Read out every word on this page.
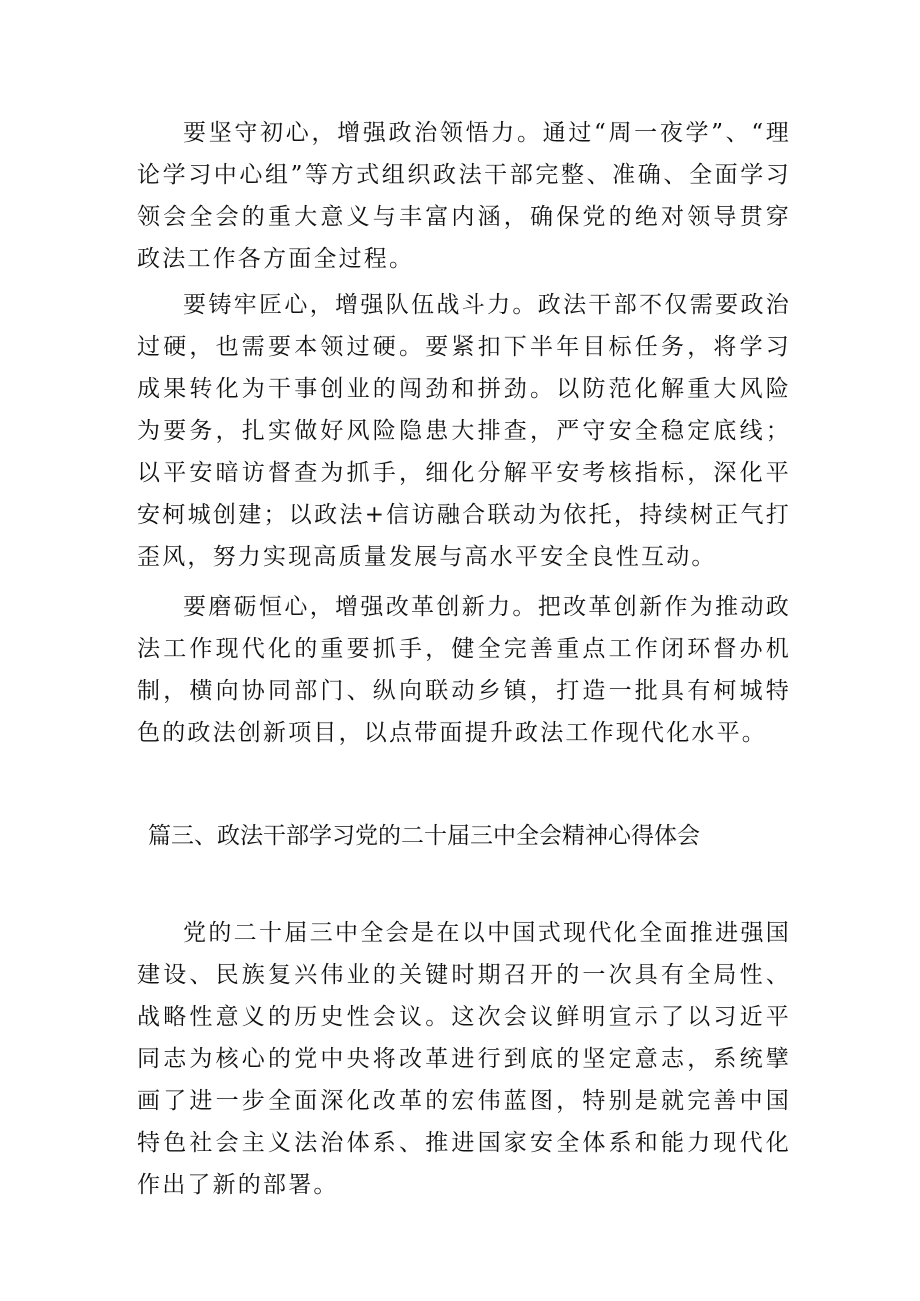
要坚守初心，增强政治领悟力。通过“周一夜学”、“理论学习中心组”等方式组织政法干部完整、准确、全面学习领会全会的重大意义与丰富内涵，确保党的绝对领导贯穿政法工作各方面全过程。

要铸牢匠心，增强队伍战斗力。政法干部不仅需要政治过硬，也需要本领过硬。要紧扣下半年目标任务，将学习成果转化为干事创业的闯劲和拼劲。以防范化解重大风险为要务，扎实做好风险隐患大排查，严守安全稳定底线；以平安暗访督查为抓手，细化分解平安考核指标，深化平安柯城创建；以政法+信访融合联动为依托，持续树正气打歪风，努力实现高质量发展与高水平安全良性互动。

要磨砺恒心，增强改革创新力。把改革创新作为推动政法工作现代化的重要抓手，健全完善重点工作闭环督办机制，横向协同部门、纵向联动乡镇，打造一批具有柯城特色的政法创新项目，以点带面提升政法工作现代化水平。

篇三、政法干部学习党的二十届三中全会精神心得体会

党的二十届三中全会是在以中国式现代化全面推进强国建设、民族复兴伟业的关键时期召开的一次具有全局性、战略性意义的历史性会议。这次会议鲜明宣示了以习近平同志为核心的党中央将改革进行到底的坚定意志，系统擘画了进一步全面深化改革的宏伟蓝图，特别是就完善中国特色社会主义法治体系、推进国家安全体系和能力现代化作出了新的部署。
